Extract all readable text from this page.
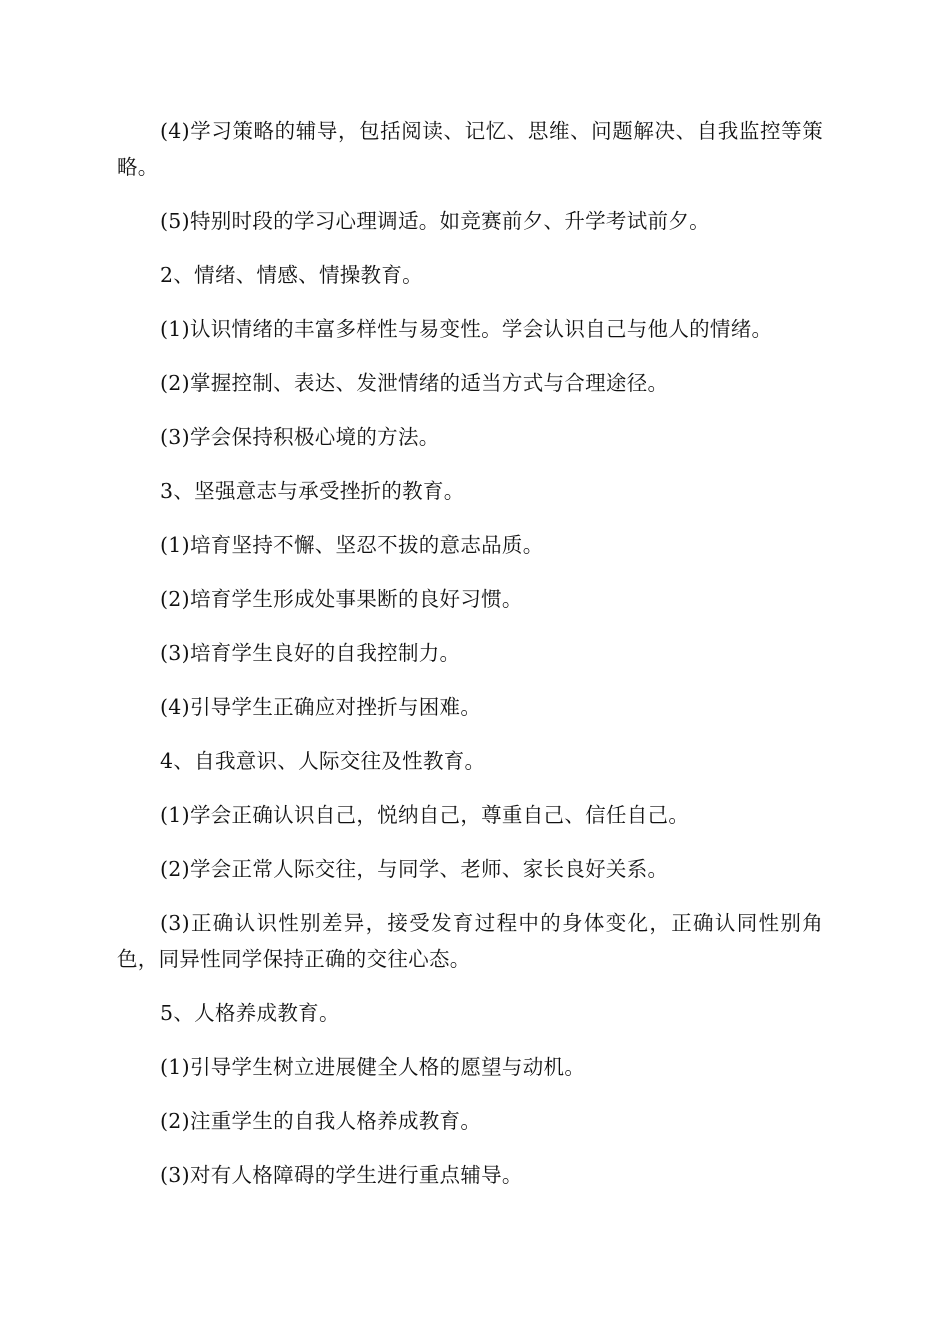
(4)学习策略的辅导，包括阅读、记忆、思维、问题解决、自我监控等策略。

(5)特别时段的学习心理调适。如竞赛前夕、升学考试前夕。

2、情绪、情感、情操教育。

(1)认识情绪的丰富多样性与易变性。学会认识自己与他人的情绪。

(2)掌握控制、表达、发泄情绪的适当方式与合理途径。

(3)学会保持积极心境的方法。

3、坚强意志与承受挫折的教育。

(1)培育坚持不懈、坚忍不拔的意志品质。

(2)培育学生形成处事果断的良好习惯。

(3)培育学生良好的自我控制力。

(4)引导学生正确应对挫折与困难。

4、自我意识、人际交往及性教育。

(1)学会正确认识自己，悦纳自己，尊重自己、信任自己。

(2)学会正常人际交往，与同学、老师、家长良好关系。

(3)正确认识性别差异，接受发育过程中的身体变化，正确认同性别角色，同异性同学保持正确的交往心态。

5、人格养成教育。

(1)引导学生树立进展健全人格的愿望与动机。

(2)注重学生的自我人格养成教育。

(3)对有人格障碍的学生进行重点辅导。
